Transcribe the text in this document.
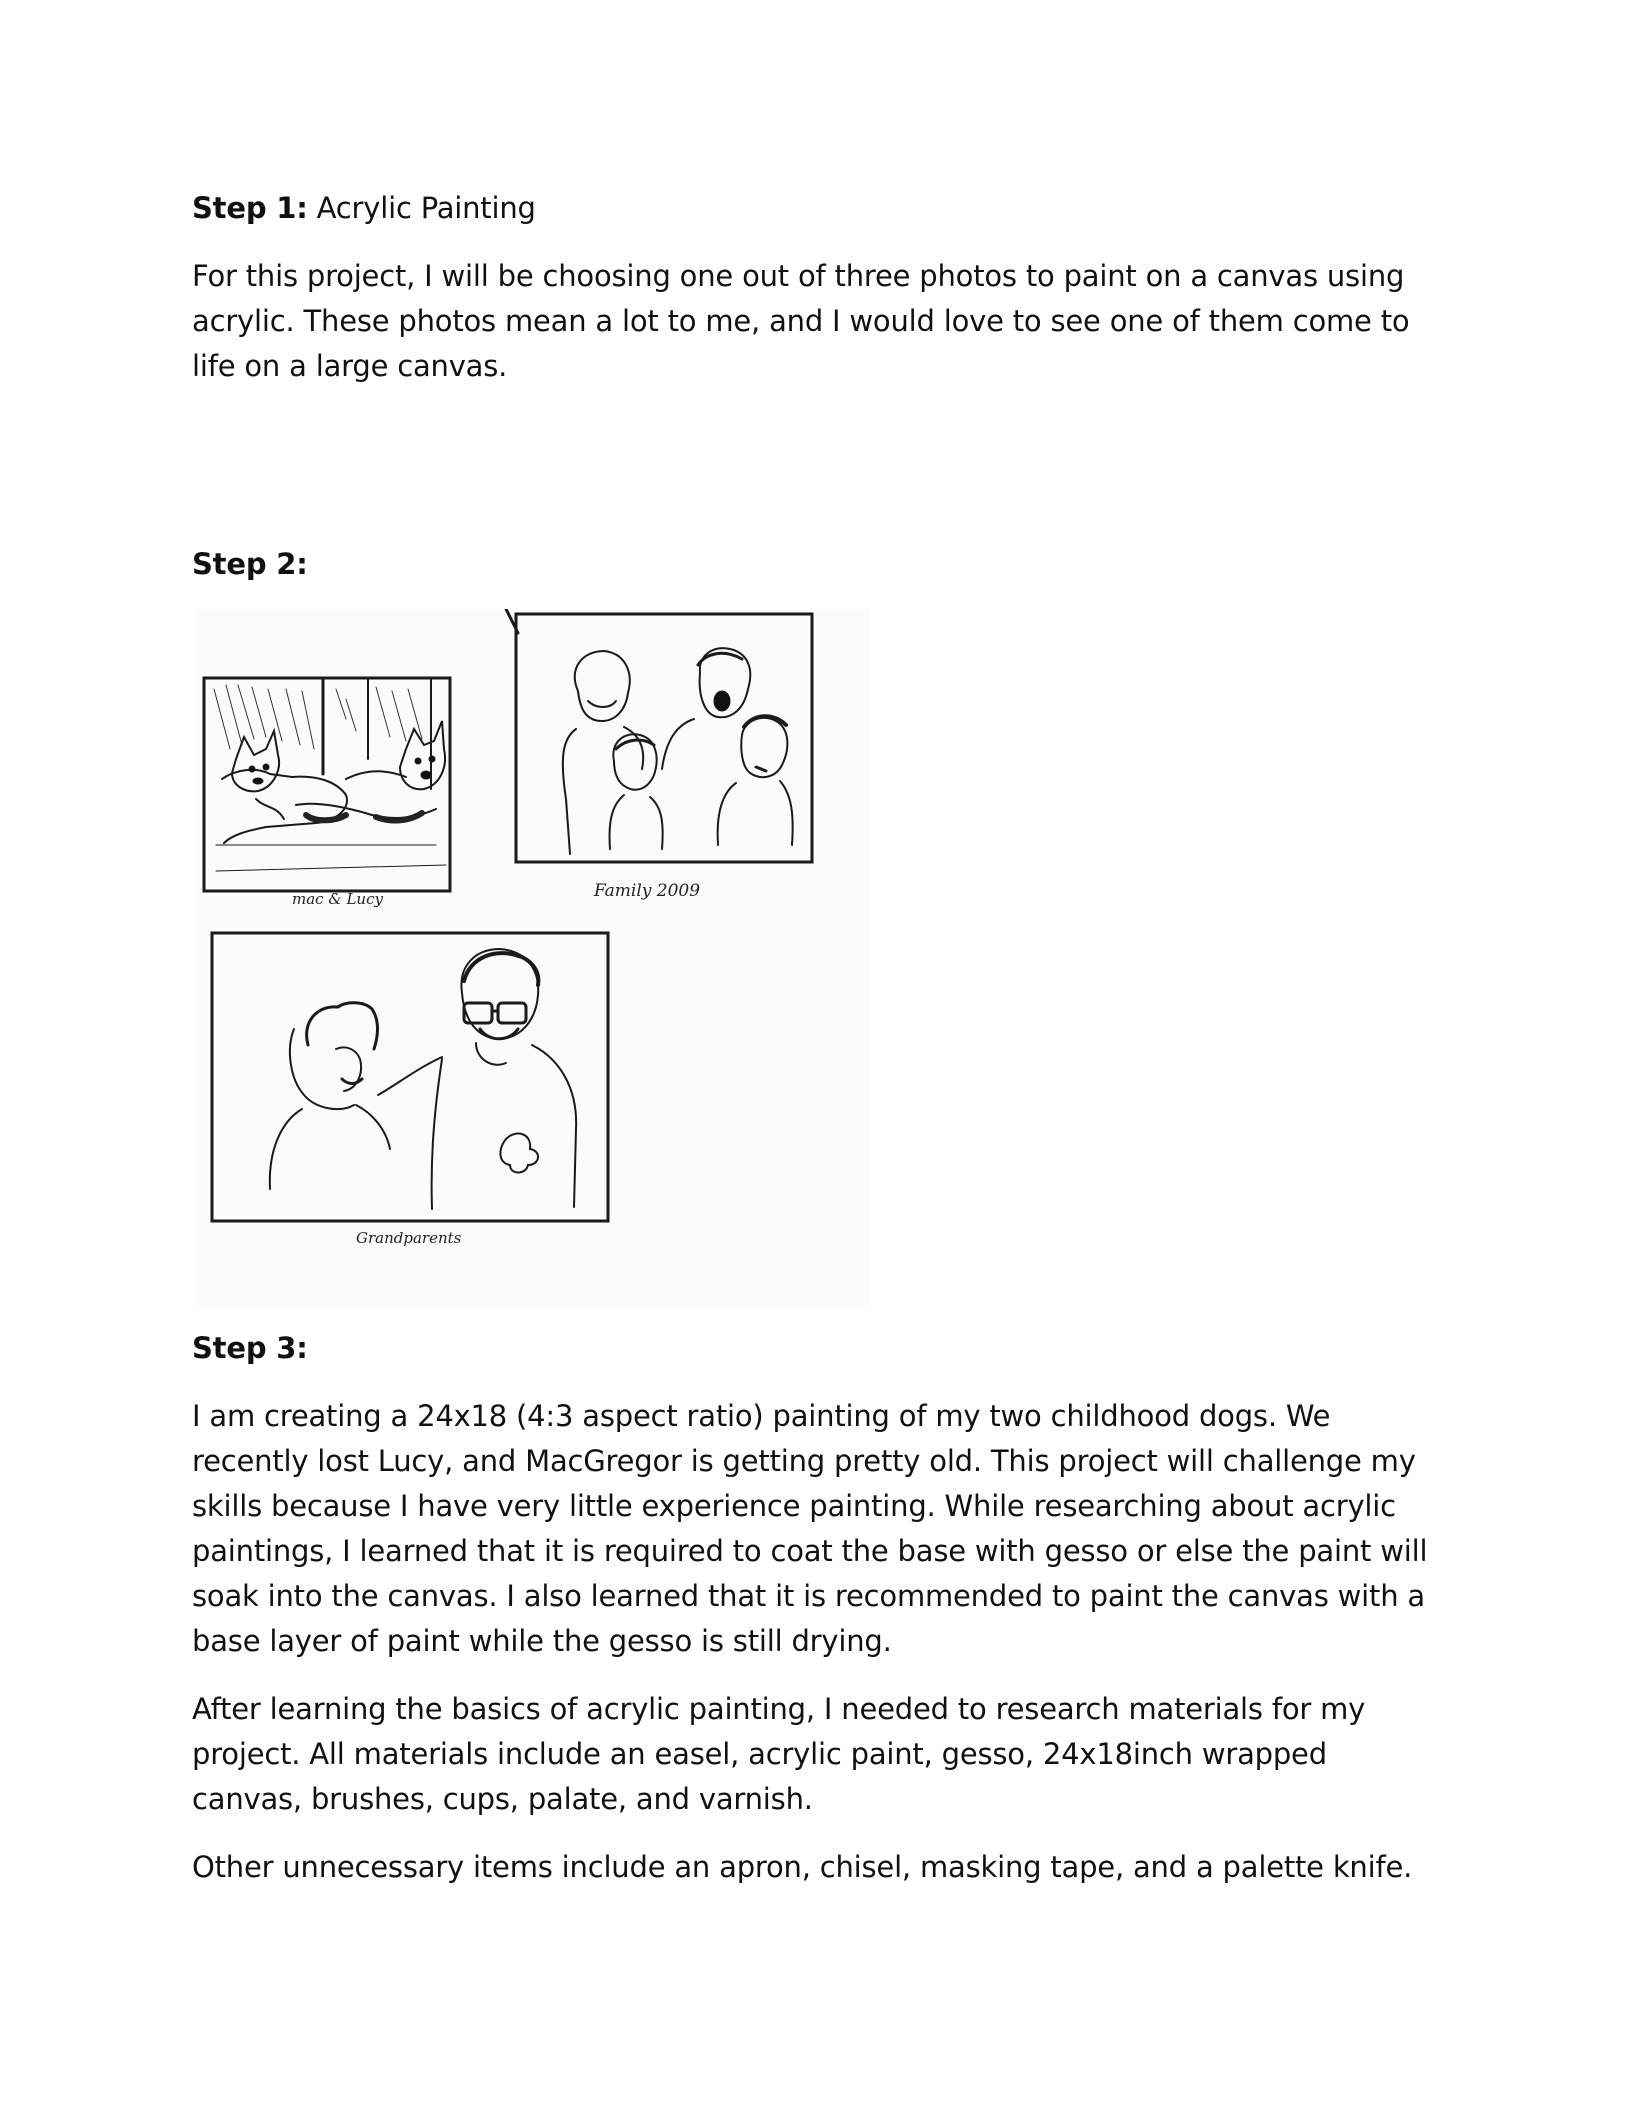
Step 1: Acrylic Painting

For this project, I will be choosing one out of three photos to paint on a canvas using acrylic. These photos mean a lot to me, and I would love to see one of them come to life on a large canvas.

Step 2:
mac & Lucy	Family 2009
Grandparents
Step 3:

I am creating a 24x18 (4:3 aspect ratio) painting of my two childhood dogs. We recently lost Lucy, and MacGregor is getting pretty old. This project will challenge my skills because I have very little experience painting. While researching about acrylic paintings, I learned that it is required to coat the base with gesso or else the paint will soak into the canvas. I also learned that it is recommended to paint the canvas with a base layer of paint while the gesso is still drying.

After learning the basics of acrylic painting, I needed to research materials for my project. All materials include an easel, acrylic paint, gesso, 24x18inch wrapped canvas, brushes, cups, palate, and varnish.

Other unnecessary items include an apron, chisel, masking tape, and a palette knife.
